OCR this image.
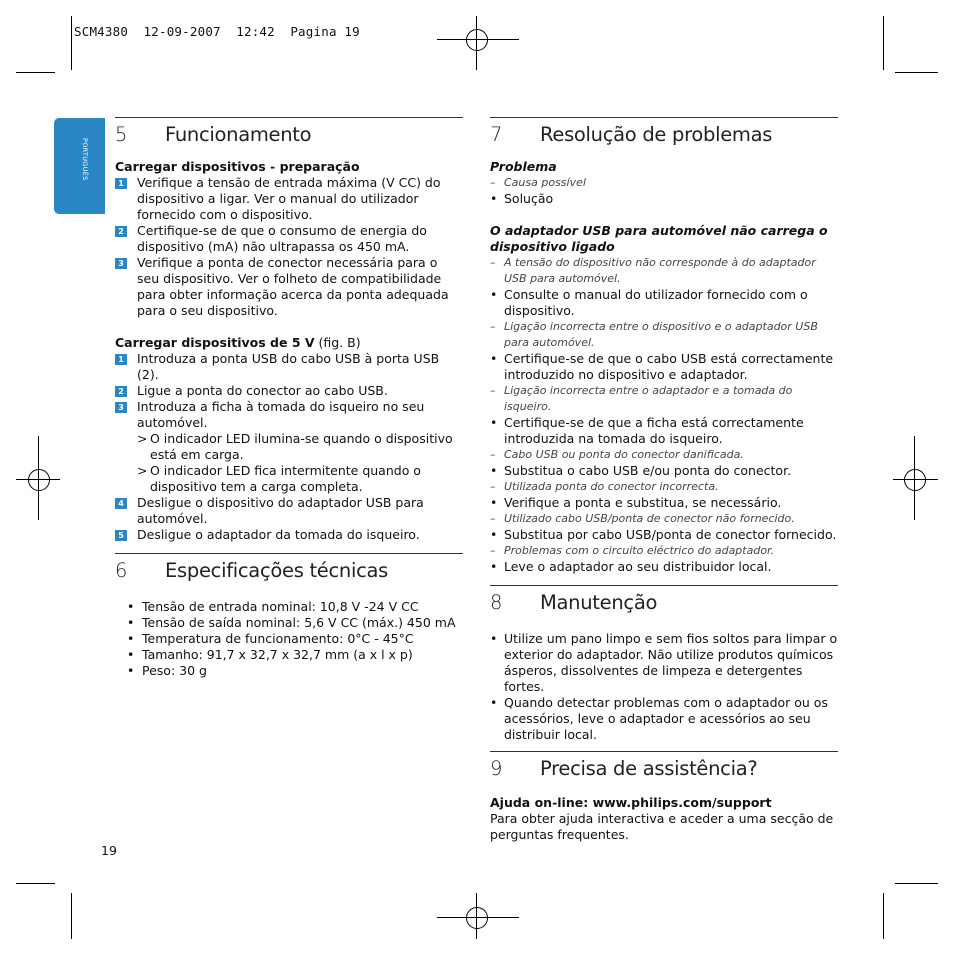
SCM4380  12-09-2007  12:42  Pagina 19
PORTUGUÊS
5	Funcionamento
Carregar dispositivos - preparação
1 Verifique a tensão de entrada máxima (V CC) do dispositivo a ligar. Ver o manual do utilizador fornecido com o dispositivo.
2 Certifique-se de que o consumo de energia do dispositivo (mA) não ultrapassa os 450 mA.
3 Verifique a ponta de conector necessária para o seu dispositivo. Ver o folheto de compatibilidade para obter informação acerca da ponta adequada para o seu dispositivo.
Carregar dispositivos de 5 V (fig. B)
1 Introduza a ponta USB do cabo USB à porta USB (2).
2 Ligue a ponta do conector ao cabo USB.
3 Introduza a ficha à tomada do isqueiro no seu automóvel.
> O indicador LED ilumina-se quando o dispositivo está em carga.
> O indicador LED fica intermitente quando o dispositivo tem a carga completa.
4 Desligue o dispositivo do adaptador USB para automóvel.
5 Desligue o adaptador da tomada do isqueiro.
6	Especificações técnicas
• Tensão de entrada nominal: 10,8 V -24 V CC
• Tensão de saída nominal: 5,6 V CC (máx.) 450 mA
• Temperatura de funcionamento: 0°C - 45°C
• Tamanho: 91,7 x 32,7 x 32,7 mm (a x l x p)
• Peso: 30 g
7	Resolução de problemas
Problema
– Causa possível
• Solução
O adaptador USB para automóvel não carrega o dispositivo ligado
– A tensão do dispositivo não corresponde à do adaptador USB para automóvel.
• Consulte o manual do utilizador fornecido com o dispositivo.
– Ligação incorrecta entre o dispositivo e o adaptador USB para automóvel.
• Certifique-se de que o cabo USB está correctamente introduzido no dispositivo e adaptador.
– Ligação incorrecta entre o adaptador e a tomada do isqueiro.
• Certifique-se de que a ficha está correctamente introduzida na tomada do isqueiro.
– Cabo USB ou ponta do conector danificada.
• Substitua o cabo USB e/ou ponta do conector.
– Utilizada ponta do conector incorrecta.
• Verifique a ponta e substitua, se necessário.
– Utilizado cabo USB/ponta de conector não fornecido.
• Substitua por cabo USB/ponta de conector fornecido.
– Problemas com o circuito eléctrico do adaptador.
• Leve o adaptador ao seu distribuidor local.
8	Manutenção
• Utilize um pano limpo e sem fios soltos para limpar o exterior do adaptador. Não utilize produtos químicos ásperos, dissolventes de limpeza e detergentes fortes.
• Quando detectar problemas com o adaptador ou os acessórios, leve o adaptador e acessórios ao seu distribuir local.
9	Precisa de assistência?
Ajuda on-line: www.philips.com/support
Para obter ajuda interactiva e aceder a uma secção de perguntas frequentes.
19
